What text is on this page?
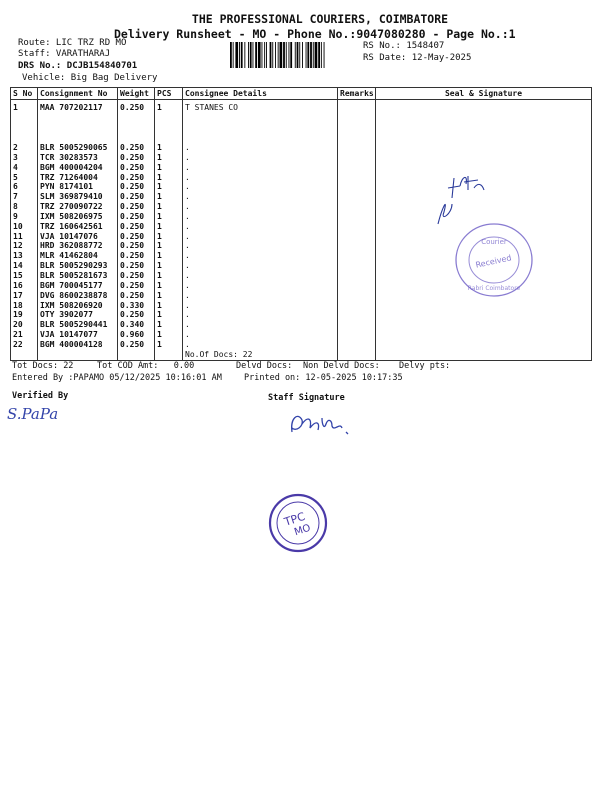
THE PROFESSIONAL COURIERS, COIMBATORE
Delivery Runsheet - MO - Phone No.:9047080280 - Page No.:1
Route: LIC TRZ RD MO
Staff: VARATHARAJ
DRS No.: DCJB154840701
Vehicle: Big Bag Delivery
RS No.: 1548407
RS Date: 12-May-2025
S No	Consignment No	Weight	PCS	Consignee Details	Remarks	Seal & Signature
1	MAA 707202117	0.250	1	T STANES CO		
2	BLR 5005290065	0.250	1	.		
3	TCR 30283573	0.250	1	.		
4	BGM 400004204	0.250	1	.		
5	TRZ 71264004	0.250	1	.		
6	PYN 8174101	0.250	1	.		
7	SLM 369879410	0.250	1	.		
8	TRZ 270090722	0.250	1	.		
9	IXM 508206975	0.250	1	.		
10	TRZ 160642561	0.250	1	.		
11	VJA 10147076	0.250	1	.		
12	HRD 362088772	0.250	1	.		
13	MLR 41462804	0.250	1	.		
14	BLR 5005290293	0.250	1	.		
15	BLR 5005281673	0.250	1	.		
16	BGM 700045177	0.250	1	.		
17	DVG 8600238878	0.250	1	.		
18	IXM 508206920	0.330	1	.		
19	OTY 3902077	0.250	1	.		
20	BLR 5005290441	0.340	1	.		
21	VJA 10147077	0.960	1	.		
22	BGM 400004128	0.250	1	.		
				No.Of Docs: 22		
Tot Docs: 22	Tot COD Amt: 0.00	Delvd Docs: Non Delvd Docs: Delvy pts:
Entered By :PAPAMO 05/12/2025 10:16:01 AM	Printed on: 12-05-2025 10:17:35
Verified By	Staff Signature
S.PaPa
Courier
Received
Rabri Coimbatore
TPC
MO
